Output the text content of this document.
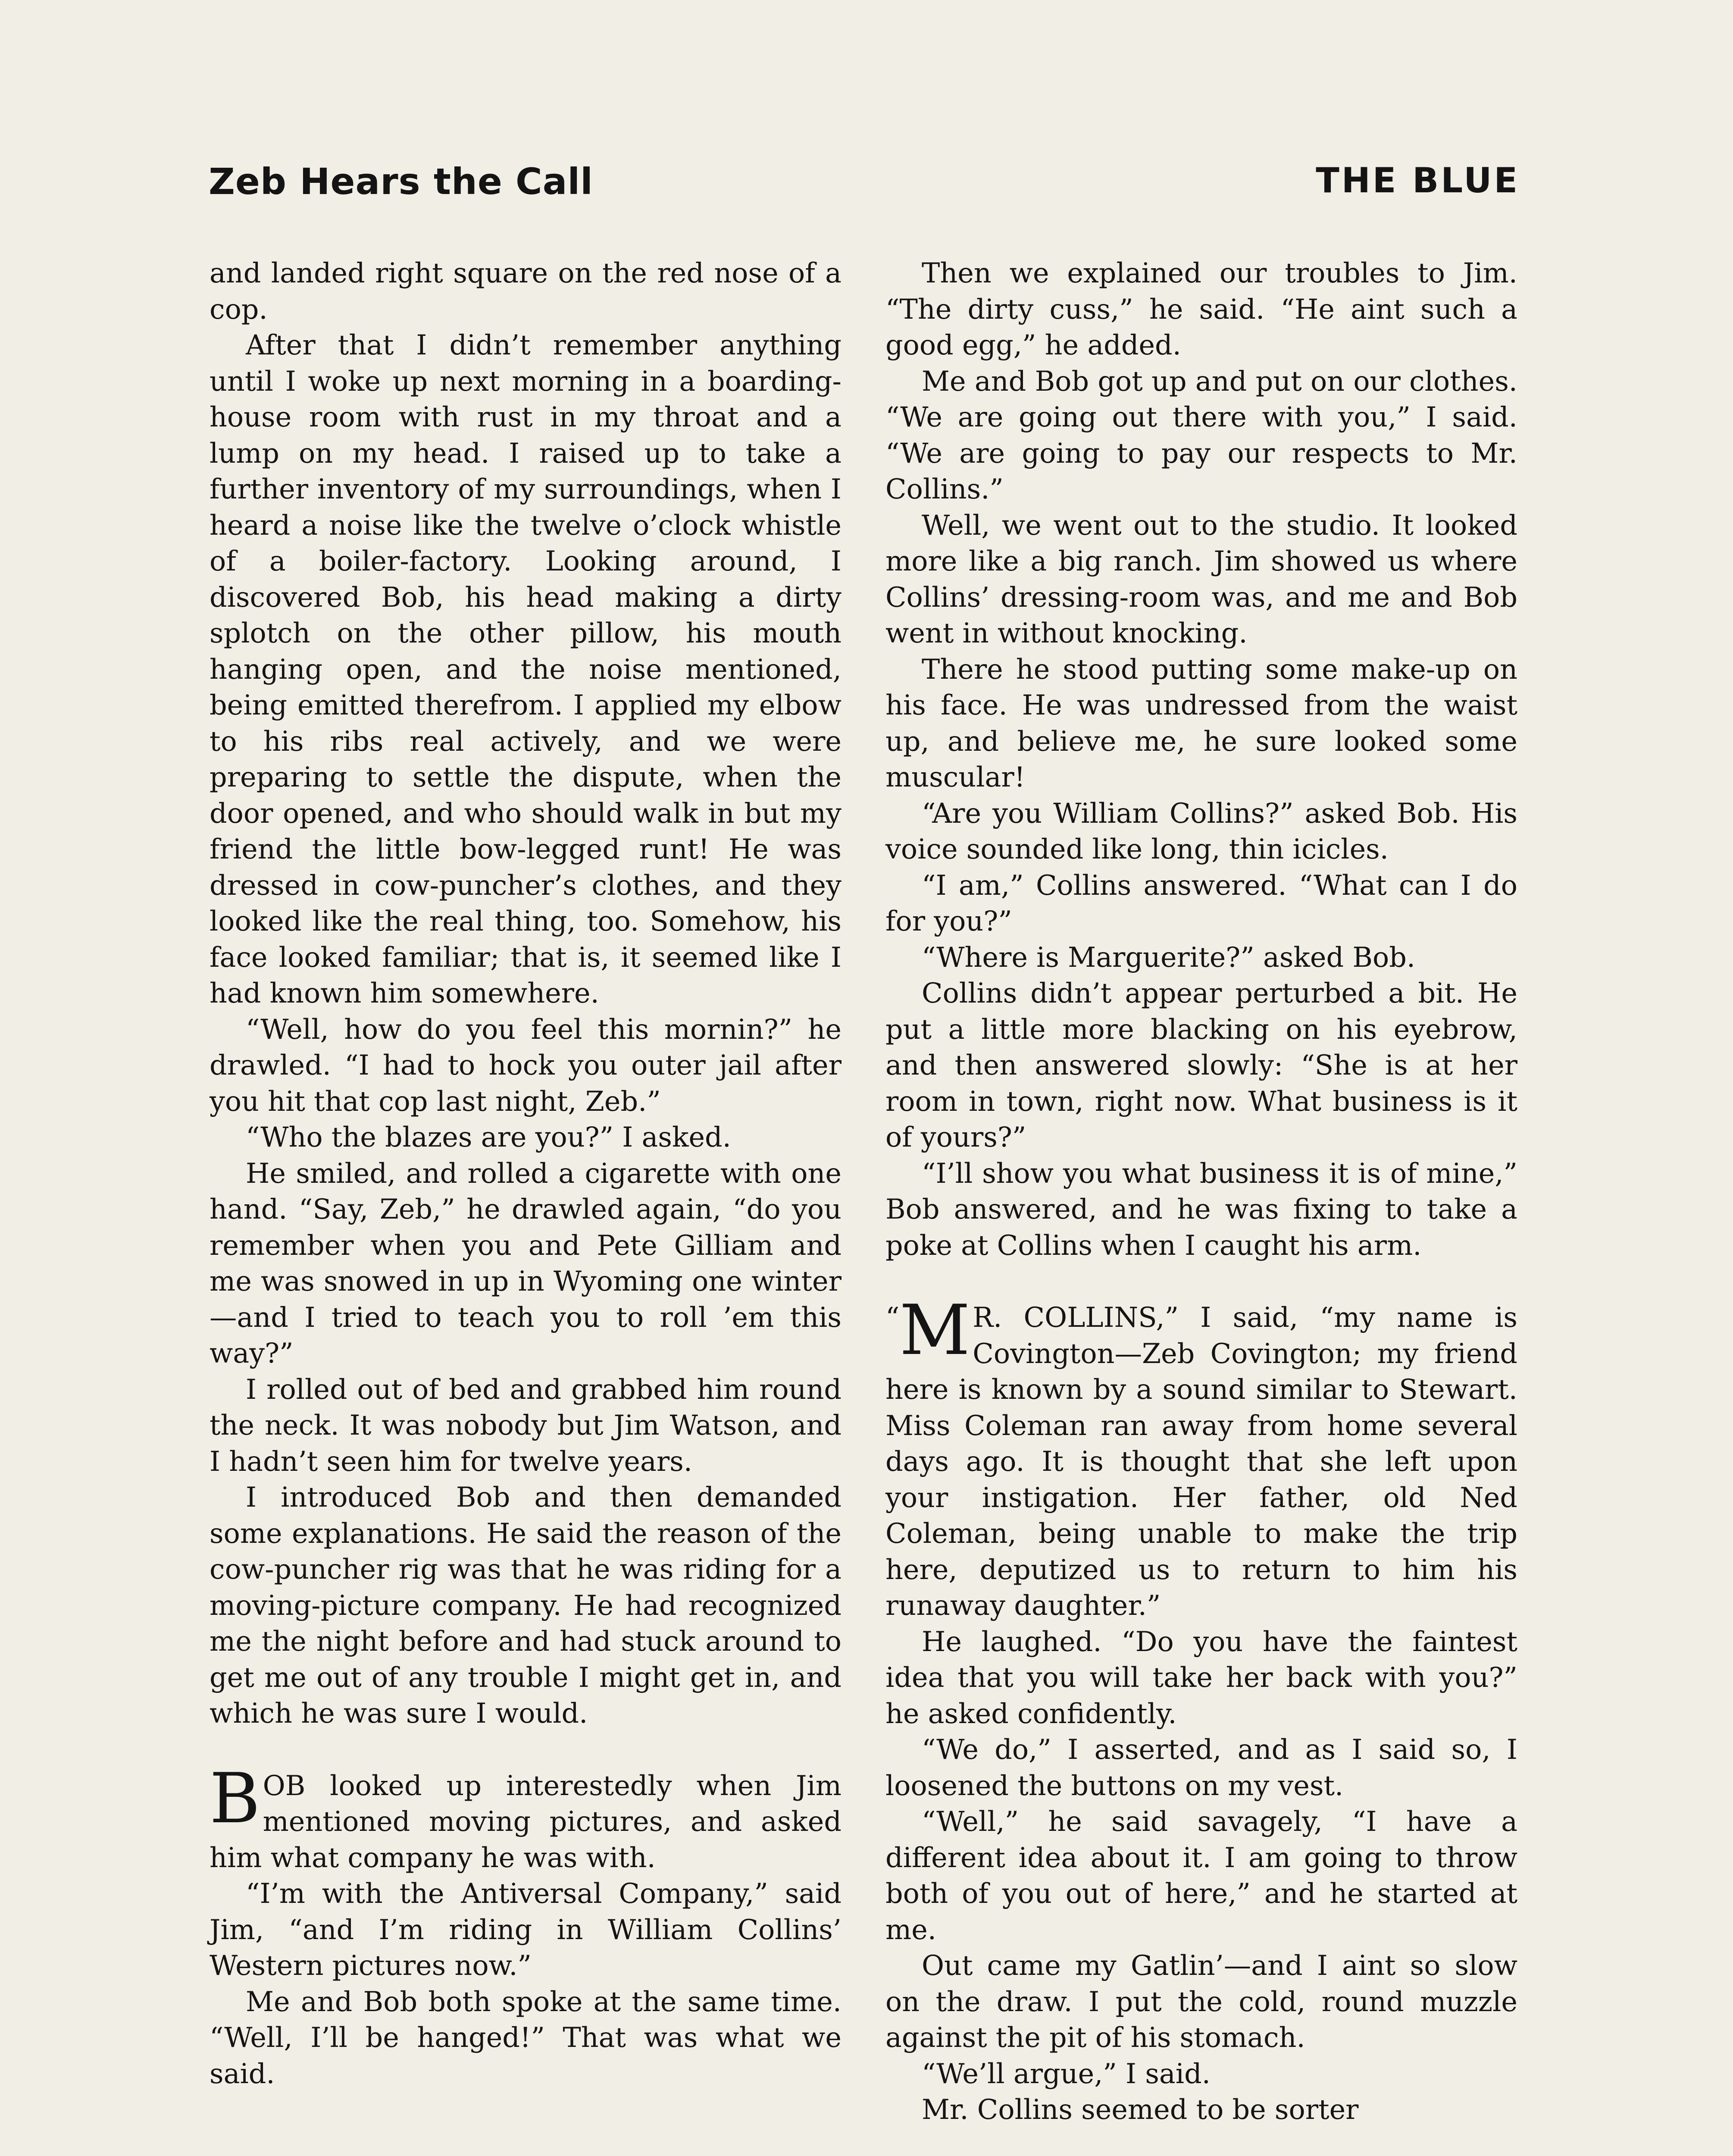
Zeb Hears the Call	THE BLUE

and landed right square on the red nose of a cop.

After that I didn’t remember anything until I woke up next morning in a boarding-house room with rust in my throat and a lump on my head. I raised up to take a further inventory of my surroundings, when I heard a noise like the twelve o’clock whistle of a boiler-factory. Looking around, I discovered Bob, his head making a dirty splotch on the other pillow, his mouth hanging open, and the noise mentioned, being emitted therefrom. I applied my elbow to his ribs real actively, and we were preparing to settle the dispute, when the door opened, and who should walk in but my friend the little bow-legged runt! He was dressed in cow-puncher’s clothes, and they looked like the real thing, too. Somehow, his face looked familiar; that is, it seemed like I had known him somewhere.

“Well, how do you feel this mornin?” he drawled. “I had to hock you outer jail after you hit that cop last night, Zeb.”

“Who the blazes are you?” I asked.

He smiled, and rolled a cigarette with one hand. “Say, Zeb,” he drawled again, “do you remember when you and Pete Gilliam and me was snowed in up in Wyoming one winter—and I tried to teach you to roll ’em this way?”

I rolled out of bed and grabbed him round the neck. It was nobody but Jim Watson, and I hadn’t seen him for twelve years.

I introduced Bob and then demanded some explanations. He said the reason of the cow-puncher rig was that he was riding for a moving-picture company. He had recognized me the night before and had stuck around to get me out of any trouble I might get in, and which he was sure I would.

BOB looked up interestedly when Jim mentioned moving pictures, and asked him what company he was with.

“I’m with the Antiversal Company,” said Jim, “and I’m riding in William Collins’ Western pictures now.”

Me and Bob both spoke at the same time. “Well, I’ll be hanged!” That was what we said.

Then we explained our troubles to Jim. “The dirty cuss,” he said. “He aint such a good egg,” he added.

Me and Bob got up and put on our clothes. “We are going out there with you,” I said. “We are going to pay our respects to Mr. Collins.”

Well, we went out to the studio. It looked more like a big ranch. Jim showed us where Collins’ dressing-room was, and me and Bob went in without knocking.

There he stood putting some make-up on his face. He was undressed from the waist up, and believe me, he sure looked some muscular!

“Are you William Collins?” asked Bob. His voice sounded like long, thin icicles.

“I am,” Collins answered. “What can I do for you?”

“Where is Marguerite?” asked Bob.

Collins didn’t appear perturbed a bit. He put a little more blacking on his eyebrow, and then answered slowly: “She is at her room in town, right now. What business is it of yours?”

“I’ll show you what business it is of mine,” Bob answered, and he was fixing to take a poke at Collins when I caught his arm.

“ M R. COLLINS,” I said, “my name is Covington—Zeb Covington; my friend here is known by a sound similar to Stewart. Miss Coleman ran away from home several days ago. It is thought that she left upon your instigation. Her father, old Ned Coleman, being unable to make the trip here, deputized us to return to him his runaway daughter.”

He laughed. “Do you have the faintest idea that you will take her back with you?” he asked confidently.

“We do,” I asserted, and as I said so, I loosened the buttons on my vest.

“Well,” he said savagely, “I have a different idea about it. I am going to throw both of you out of here,” and he started at me.

Out came my Gatlin’—and I aint so slow on the draw. I put the cold, round muzzle against the pit of his stomach.

“We’ll argue,” I said.

Mr. Collins seemed to be sorter
